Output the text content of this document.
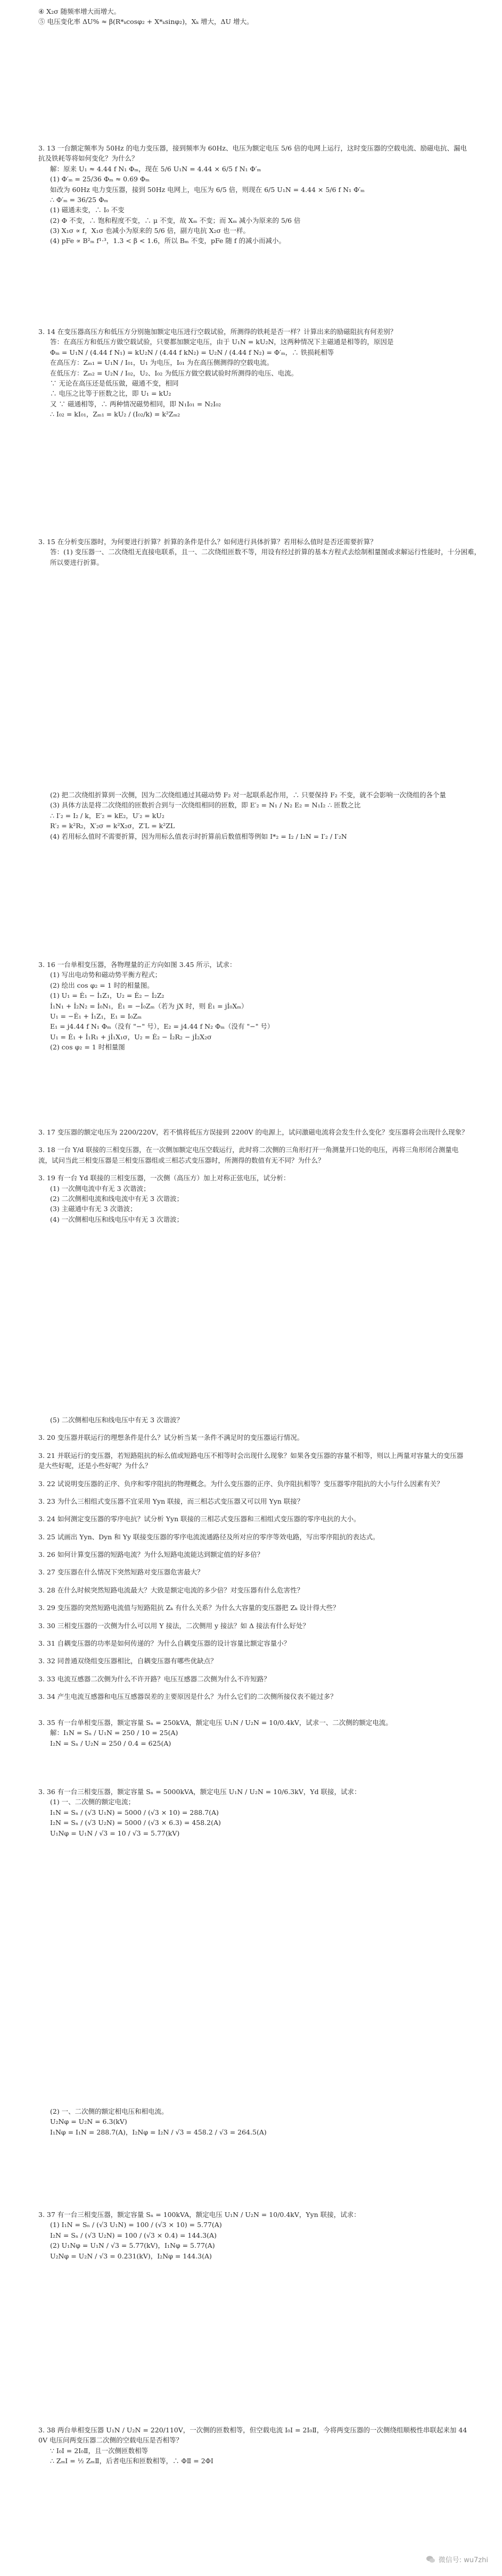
④ X₂σ 随频率增大而增大。
⑤ 电压变化率 ΔU% ≈ β(R*ₖcosφ₂ + X*ₖsinφ₂)，Xₖ 增大，ΔU 增大。
3. 13 一台额定频率为 50Hz 的电力变压器，接到频率为 60Hz、电压为额定电压 5/6 倍的电网上运行，这时变压器的空载电流、励磁电抗、漏电抗及铁耗等将如何变化？为什么？
解：原来 U₁ ≈ 4.44 f N₁ Φₘ，现在 5/6 U₁N = 4.44 × 6/5 f N₁ Φ′ₘ
(1) Φ′ₘ = 25/36 Φₘ ≈ 0.69 Φₘ
如改为 60Hz 电力变压器，接到 50Hz 电网上，电压为 6/5 倍，则现在 6/5 U₁N = 4.44 × 5/6 f N₁ Φ′ₘ
∴ Φ′ₘ = 36/25 Φₘ
(1) 磁通未变，∴ I₀ 不变
(2) Φ 不变，∴ 饱和程度不变，∴ μ 不变，故 Xₘ 不变；而 Xₘ 减小为原来的 5/6 倍
(3) X₁σ ∝ f，X₁σ 也减小为原来的 5/6 倍，副方电抗 X₂σ 也一样。
(4) pFe ∝ B²ₘ f¹·³，1.3 < β < 1.6，所以 Bₘ 不变，pFe 随 f 的减小而减小。
3. 14 在变压器高压方和低压方分别施加额定电压进行空载试验，所测得的铁耗是否一样？计算出来的励磁阻抗有何差别？
答：在高压方和低压方做空载试验，只要都加额定电压，由于 U₁N = kU₂N，这两种情况下主磁通是相等的，原因是
Φₘ = U₁N / (4.44 f N₁) = kU₂N / (4.44 f kN₂) = U₂N / (4.44 f N₂) = Φ′ₘ，∴ 铁损耗相等
在高压方：Zₘ₁ = U₁N / I₀₁，U₁ 为电压，I₀₁ 为在高压侧测得的空载电流。
在低压方：Zₘ₂ = U₂N / I₀₂，U₂、I₀₂ 为低压方做空载试验时所测得的电压、电流。
∵ 无论在高压还是低压做，磁通不变，相同
∴ 电压之比等于匝数之比，即 U₁ = kU₂
又 ∵ 磁通相等，∴ 两种情况磁势相同，即 N₁I₀₁ = N₂I₀₂
∴ I₀₂ = kI₀₁，Zₘ₁ = kU₂ / (I₀₂/k) = k²Zₘ₂
3. 15 在分析变压器时，为何要进行折算？折算的条件是什么？如何进行具体折算？若用标么值时是否还需要折算？
答：(1) 变压器一、二次绕组无直接电联系，且一、二次绕组匝数不等，用设有经过折算的基本方程式去绘制相量图或求解运行性能时，十分困难，所以要进行折算。
(2) 把二次绕组折算到一次侧，因为二次绕组通过其磁动势 F₂ 对一起联系起作用，∴ 只要保持 F₂ 不变，就不会影响一次绕组的各个量
(3) 具体方法是将二次绕组的匝数折合到与一次绕组相同的匝数，即 E′₂ = N₁ / N₂ E₂ = N₁I₂ ∴ 匝数之比
∴ I′₂ = I₂ / k，E′₂ = kE₂，U′₂ = kU₂
R′₂ = k²R₂，X′₂σ = k²X₂σ，Z′L = k²ZL
(4) 若用标么值时不需要折算，因为用标么值表示时折算前后数值相等例如 I*₂ = I₂ / I₂N = I′₂ / I′₂N
3. 16 一台单相变压器，各物理量的正方向如图 3.45 所示，试求：
(1) 写出电动势和磁动势平衡方程式；
(2) 绘出 cos φ₂ = 1 时的相量图。
(1) U₁ = Ė₁ − İ₁Z₁，U₂ = Ė₂ − İ₂Z₂
İ₁N₁ + İ₂N₂ = İ₀N₁，Ė₁ = −İ₀Zₘ（若为 jX 时，则 Ė₁ = jİ₀Xₘ）
U₁ = −Ė₁ + İ₁Z₁，E₁ = I₀Zₘ
E₁ = j4.44 f N₁ Φₘ（没有 "−" 号），E₂ = j4.44 f N₂ Φₘ（没有 "−" 号）
U₁ = Ė₁ + İ₁R₁ + jİ₁X₁σ，U₂ = Ė₂ − İ₂R₂ − jİ₂X₂σ
(2) cos φ₂ = 1 时相量图
3. 17 变压器的额定电压为 2200/220V，若不慎将低压方误接到 2200V 的电源上，试问激磁电流将会发生什么变化？变压器将会出现什么现象？
3. 18 一台 Y/d 联接的三相变压器，在一次侧加额定电压空载运行，此时将二次侧的三角形打开一角测量开口处的电压，再将三角形闭合测量电流，试问当此三相变压器是三相变压器组或三相芯式变压器时，所测得的数值有无不同？为什么？
3. 19 有一台 Yd 联接的三相变压器，一次侧（高压方）加上对称正弦电压，试分析：
(1) 一次侧电流中有无 3 次谐波；
(2) 二次侧相电流和线电流中有无 3 次谐波；
(3) 主磁通中有无 3 次谐波；
(4) 一次侧相电压和线电压中有无 3 次谐波；
(5) 二次侧相电压和线电压中有无 3 次谐波？
3. 20 变压器并联运行的理想条件是什么？试分析当某一条件不满足时的变压器运行情况。
3. 21 并联运行的变压器，若短路阻抗的标么值或短路电压不相等时会出现什么现象？如果各变压器的容量不相等，则以上两量对容量大的变压器是大些好呢，还是小些好呢？为什么？
3. 22 试说明变压器的正序、负序和零序阻抗的物理概念。为什么变压器的正序、负序阻抗相等？变压器零序阻抗的大小与什么因素有关？
3. 23 为什么三相组式变压器不宜采用 Yyn 联接，而三相芯式变压器又可以用 Yyn 联接？
3. 24 如何测定变压器的零序电抗？试分析 Yyn 联接的三相芯式变压器和三相组式变压器的零序电抗的大小。
3. 25 试画出 Yyn、Dyn 和 Yy 联接变压器的零序电流流通路径及所对应的零序等效电路，写出零序阻抗的表达式。
3. 26 如何计算变压器的短路电流？为什么短路电流能达到额定值的好多倍？
3. 27 变压器在什么情况下突然短路对变压器危害最大？
3. 28 在什么时候突然短路电流最大？大致是额定电流的多少倍？对变压器有什么危害性？
3. 29 变压器的突然短路电流值与短路阻抗 Zₖ 有什么关系？为什么大容量的变压器把 Zₖ 设计得大些？
3. 30 三相变压器的一次侧为什么可以用 Y 接法，二次侧用 y 接法？如 Δ 接法有什么好处？
3. 31 自耦变压器的功率是如何传递的？为什么自耦变压器的设计容量比额定容量小？
3. 32 同普通双绕组变压器相比，自耦变压器有哪些优缺点？
3. 33 电流互感器二次侧为什么不许开路？电压互感器二次侧为什么不许短路？
3. 34 产生电流互感器和电压互感器误差的主要原因是什么？为什么它们的二次侧所接仪表不能过多？
3. 35 有一台单相变压器，额定容量 Sₙ = 250kVA，额定电压 U₁N / U₂N = 10/0.4kV，试求一、二次侧的额定电流。
解：I₁N = Sₙ / U₁N = 250 / 10 = 25(A)
I₂N = Sₙ / U₂N = 250 / 0.4 = 625(A)
3. 36 有一台三相变压器，额定容量 Sₙ = 5000kVA，额定电压 U₁N / U₂N = 10/6.3kV，Yd 联接，试求：
(1) 一、二次侧的额定电流；
I₁N = Sₙ / (√3 U₁N) = 5000 / (√3 × 10) = 288.7(A)
I₂N = Sₙ / (√3 U₂N) = 5000 / (√3 × 6.3) = 458.2(A)
U₁Nφ = U₁N / √3 = 10 / √3 = 5.77(kV)
(2) 一、二次侧的额定相电压和相电流。
U₂Nφ = U₂N = 6.3(kV)
I₁Nφ = I₁N = 288.7(A)，I₂Nφ = I₂N / √3 = 458.2 / √3 = 264.5(A)
3. 37 有一台三相变压器，额定容量 Sₙ = 100kVA，额定电压 U₁N / U₂N = 10/0.4kV，Yyn 联接，试求：
(1) I₁N = Sₙ / (√3 U₁N) = 100 / (√3 × 10) = 5.77(A)
I₂N = Sₙ / (√3 U₂N) = 100 / (√3 × 0.4) = 144.3(A)
(2) U₁Nφ = U₁N / √3 = 5.77(kV)，I₁Nφ = 5.77(A)
U₂Nφ = U₂N / √3 = 0.231(kV)，I₂Nφ = 144.3(A)
3. 38 两台单相变压器 U₁N / U₂N = 220/110V，一次侧的匝数相等，但空载电流 I₀Ⅰ = 2I₀Ⅱ，今将两变压器的一次侧绕组顺极性串联起来加 440V 电压问两变压器二次侧的空载电压是否相等？
∵ I₀Ⅰ = 2I₀Ⅱ，且一次侧匝数相等
∴ ZₘⅠ = ½ ZₘⅡ，后者电压和匝数相等，∴ ΦⅡ = 2ΦⅠ
微信号: wu7zhi
